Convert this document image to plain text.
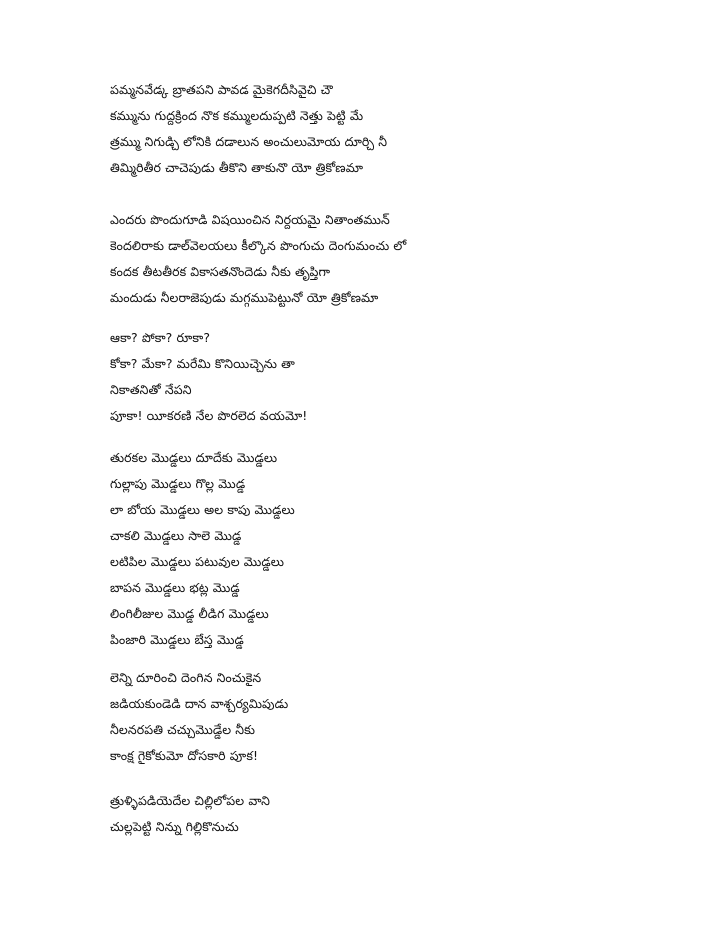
పమ్మనవేడ్క బ్రాతపని పావడ మైకెగదీసివైచి చౌ
కమ్మును గుద్దక్రింద నొక కమ్ములదుప్పటి నెత్తు పెట్టి మే
త్రమ్ము నిగుడ్చి లోనికి దడాలున అంచులుమోయ దూర్చి నీ
తిమ్మిరితీర చాచెపుడు తీకొని తాకునొ యో త్రికోణమా
ఎందరు పొందుగూడి విషయించిన నిర్దయమై నితాంతమున్
కెందలిరాకు డాల్‌వెలయలు కీల్కొన పొంగుచు దెంగుమంచు లో
కందక తీటతీరక వికాసతనొందెడు నీకు తృప్తిగా
మందుడు నీలరాజెపుడు మగ్గముపెట్టునో యో త్రికోణమా
ఆకా? పోకా? రూకా?
కోకా? మేకా? మరేమి కొనియిచ్చెను తా
నికాతనితో నేపని
పూకా! యీకరణి నేల పొరలెద వయమో!
తురకల మొడ్డలు దూదేకు మొడ్డలు
గుల్లాపు మొడ్డలు గొల్ల మొడ్డ
లా బోయ మొడ్డలు అల కాపు మొడ్డలు
చాకలి మొడ్డలు సాలె మొడ్డ
లటిపిల మొడ్డలు పటువుల మొడ్డలు
బాపన మొడ్డలు భట్ల మొడ్డ
లింగిలీజుల మొడ్డ లీడిగ మొడ్డలు
పింజారి మొడ్డలు బేస్త మొడ్డ
లెన్ని దూరించి దెంగిన నించుకైన
జడియకుండెడి దాన వాశ్చర్యమిపుడు
నీలనరపతి చచ్చుమొడ్డేల నీకు
కాంక్ష గైకోకుమో దోసకారి పూక!
త్రుళ్ళిపడియెదేల చిల్లిలోపల వాని
చుల్లపెట్టి నిన్ను గిల్లికొనుచు
